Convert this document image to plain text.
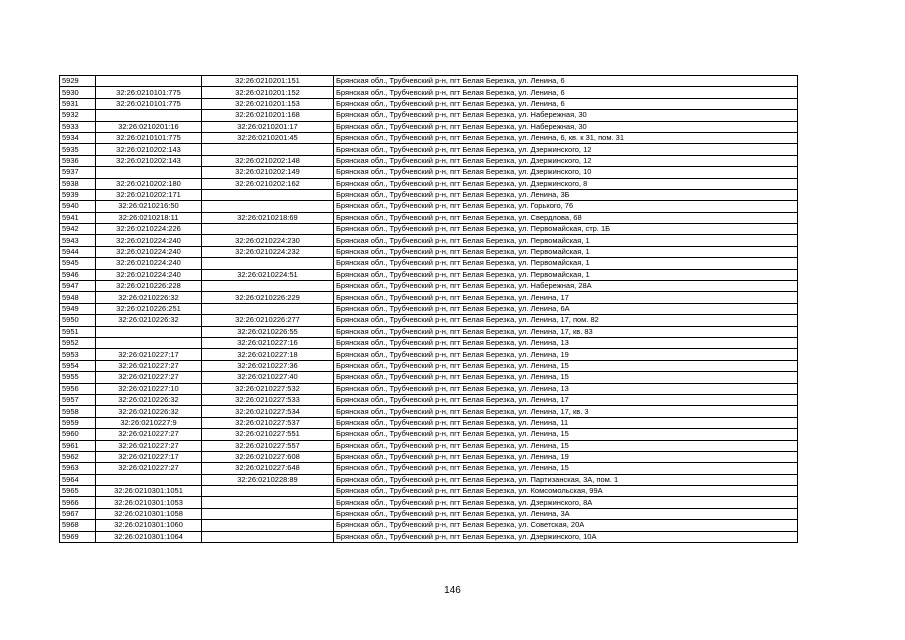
5929		32:26:0210201:151	Брянская обл., Трубчевский р-н, пгт Белая Березка, ул. Ленина, 6
5930	32:26:0210101:775	32:26:0210201:152	Брянская обл., Трубчевский р-н, пгт Белая Березка, ул. Ленина, 6
5931	32:26:0210101:775	32:26:0210201:153	Брянская обл., Трубчевский р-н, пгт Белая Березка, ул. Ленина, 6
5932		32:26:0210201:168	Брянская обл., Трубчевский р-н, пгт Белая Березка, ул. Набережная, 30
5933	32:26:0210201:16	32:26:0210201:17	Брянская обл., Трубчевский р-н, пгт Белая Березка, ул. Набережная, 30
5934	32:26:0210101:775	32:26:0210201:45	Брянская обл., Трубчевский р-н, пгт Белая Березка, ул. Ленина, 6, кв. к 31, пом. 31
5935	32:26:0210202:143		Брянская обл., Трубчевский р-н, пгт Белая Березка, ул. Дзержинского, 12
5936	32:26:0210202:143	32:26:0210202:148	Брянская обл., Трубчевский р-н, пгт Белая Березка, ул. Дзержинского, 12
5937		32:26:0210202:149	Брянская обл., Трубчевский р-н, пгт Белая Березка, ул. Дзержинского, 10
5938	32:26:0210202:180	32:26:0210202:162	Брянская обл., Трубчевский р-н, пгт Белая Березка, ул. Дзержинского, 8
5939	32:26:0210202:171		Брянская обл., Трубчевский р-н, пгт Белая Березка, ул. Ленина, 3Б
5940	32:26:0210216:50		Брянская обл., Трубчевский р-н, пгт Белая Березка, ул. Горького, 76
5941	32:26:0210218:11	32:26:0210218:69	Брянская обл., Трубчевский р-н, пгт Белая Березка, ул. Свердлова, 68
5942	32:26:0210224:226		Брянская обл., Трубчевский р-н, пгт Белая Березка, ул. Первомайская, стр. 1Б
5943	32:26:0210224:240	32:26:0210224:230	Брянская обл., Трубчевский р-н, пгт Белая Березка, ул. Первомайская, 1
5944	32:26:0210224:240	32:26:0210224:232	Брянская обл., Трубчевский р-н, пгт Белая Березка, ул. Первомайская, 1
5945	32:26:0210224:240		Брянская обл., Трубчевский р-н, пгт Белая Березка, ул. Первомайская, 1
5946	32:26:0210224:240	32:26:0210224:51	Брянская обл., Трубчевский р-н, пгт Белая Березка, ул. Первомайская, 1
5947	32:26:0210226:228		Брянская обл., Трубчевский р-н, пгт Белая Березка, ул. Набережная, 28А
5948	32:26:0210226:32	32:26:0210226:229	Брянская обл., Трубчевский р-н, пгт Белая Березка, ул. Ленина, 17
5949	32:26:0210226:251		Брянская обл., Трубчевский р-н, пгт Белая Березка, ул. Ленина, 6А
5950	32:26:0210226:32	32:26:0210226:277	Брянская обл., Трубчевский р-н, пгт Белая Березка, ул. Ленина, 17, пом. 82
5951		32:26:0210226:55	Брянская обл., Трубчевский р-н, пгт Белая Березка, ул. Ленина, 17, кв. 83
5952		32:26:0210227:16	Брянская обл., Трубчевский р-н, пгт Белая Березка, ул. Ленина, 13
5953	32:26:0210227:17	32:26:0210227:18	Брянская обл., Трубчевский р-н, пгт Белая Березка, ул. Ленина, 19
5954	32:26:0210227:27	32:26:0210227:36	Брянская обл., Трубчевский р-н, пгт Белая Березка, ул. Ленина, 15
5955	32:26:0210227:27	32:26:0210227:40	Брянская обл., Трубчевский р-н, пгт Белая Березка, ул. Ленина, 15
5956	32:26:0210227:10	32:26:0210227:532	Брянская обл., Трубчевский р-н, пгт Белая Березка, ул. Ленина, 13
5957	32:26:0210226:32	32:26:0210227:533	Брянская обл., Трубчевский р-н, пгт Белая Березка, ул. Ленина, 17
5958	32:26:0210226:32	32:26:0210227:534	Брянская обл., Трубчевский р-н, пгт Белая Березка, ул. Ленина, 17, кв. 3
5959	32:26:0210227:9	32:26:0210227:537	Брянская обл., Трубчевский р-н, пгт Белая Березка, ул. Ленина, 11
5960	32:26:0210227:27	32:26:0210227:551	Брянская обл., Трубчевский р-н, пгт Белая Березка, ул. Ленина, 15
5961	32:26:0210227:27	32:26:0210227:557	Брянская обл., Трубчевский р-н, пгт Белая Березка, ул. Ленина, 15
5962	32:26:0210227:17	32:26:0210227:608	Брянская обл., Трубчевский р-н, пгт Белая Березка, ул. Ленина, 19
5963	32:26:0210227:27	32:26:0210227:648	Брянская обл., Трубчевский р-н, пгт Белая Березка, ул. Ленина, 15
5964		32:26:0210228:89	Брянская обл., Трубчевский р-н, пгт Белая Березка, ул. Партизанская, 3А, пом. 1
5965	32:26:0210301:1051		Брянская обл., Трубчевский р-н, пгт Белая Березка, ул. Комсомольская, 99А
5966	32:26:0210301:1053		Брянская обл., Трубчевский р-н, пгт Белая Березка, ул. Дзержинского, 8А
5967	32:26:0210301:1058		Брянская обл., Трубчевский р-н, пгт Белая Березка, ул. Ленина, 3А
5968	32:26:0210301:1060		Брянская обл., Трубчевский р-н, пгт Белая Березка, ул. Советская, 20А
5969	32:26:0210301:1064		Брянская обл., Трубчевский р-н, пгт Белая Березка, ул. Дзержинского, 10А
146
